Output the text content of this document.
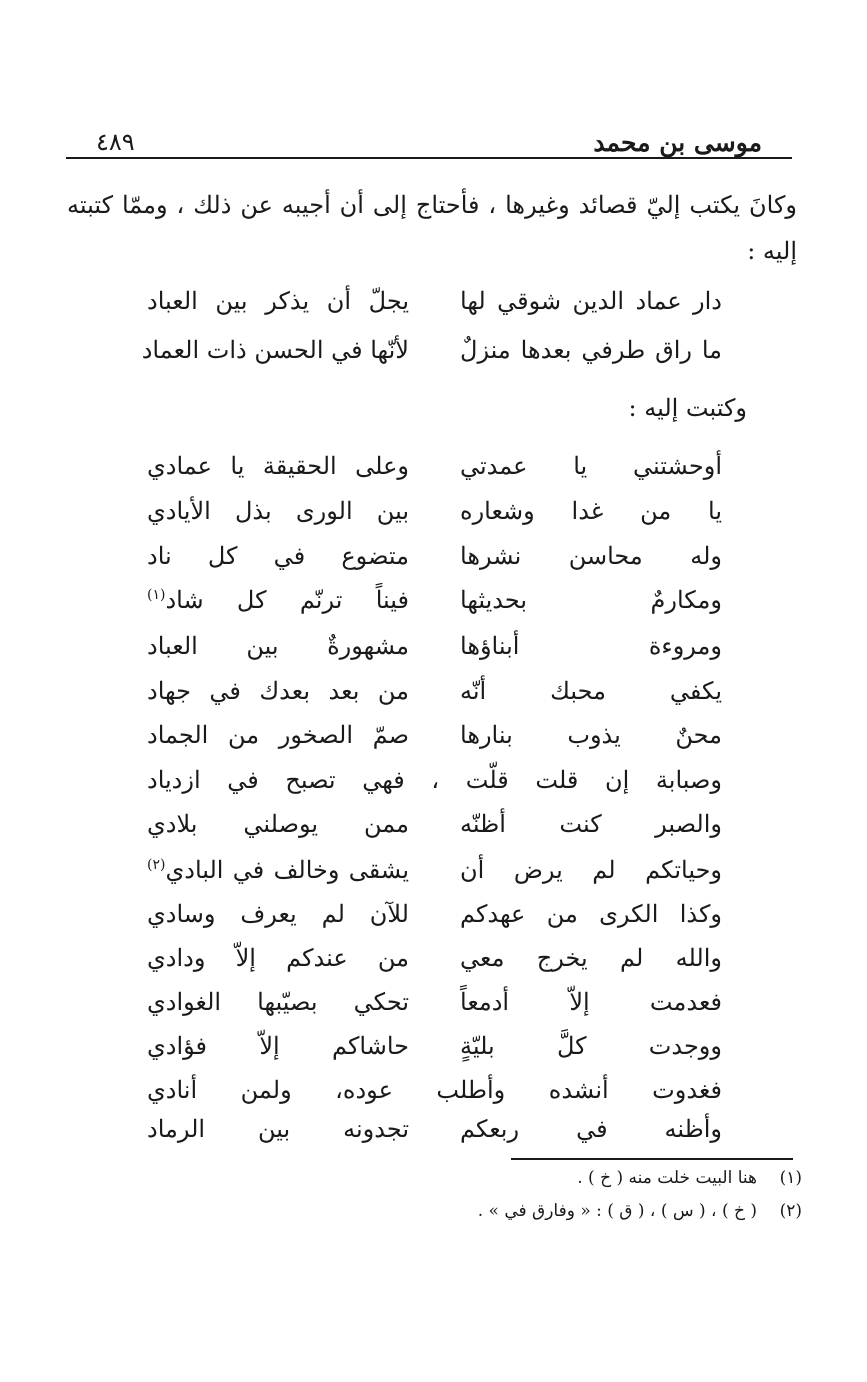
موسى بن محمد
٤٨٩
وكانَ يكتب إليّ قصائد وغيرها ، فأحتاج إلى أن أجيبه عن ذلك ، وممّا كتبته إليه :
دار عماد الدين شوقي لها
يجلّ أن يذكر بين العباد
ما راق طرفي بعدها منزلٌ
لأنّها في الحسن ذات العماد
وكتبت إليه :
أوحشتني يا عمدتي
وعلى الحقيقة يا عمادي
يا من غدا وشعاره
بين الورى بذل الأيادي
وله محاسن نشرها
متضوع في كل ناد
ومكارمٌ بحديثها
فيناً ترنّم كل شاد$^{(١)}$
ومروءة أبناؤها
مشهورةٌ بين العباد
يكفي محبك أنّه
من بعد بعدك في جهاد
محنٌ يذوب بنارها
صمّ الصخور من الجماد
وصبابة إن قلت قلّت ، فهي تصبح في ازدياد
والصبر كنت أظنّه
ممن يوصلني بلادي
وحياتكم لم يرض أن
يشقى وخالف في البادي$^{(٢)}$
وكذا الكرى من عهدكم
للآن لم يعرف وسادي
والله لم يخرج معي
من عندكم إلاّ ودادي
فعدمت إلاّ أدمعاً
تحكي بصيّبها الغوادي
ووجدت كلَّ بليّةٍ
حاشاكم إلاّ فؤادي
فغدوت أنشده وأطلب عوده، ولمن أنادي
وأظنه في ربعكم
تجدونه بين الرماد
(١)هنا البيت خلت منه ( خ ) .
(٢)( خ ) ، ( س ) ، ( ق ) : « وفارق في » .
